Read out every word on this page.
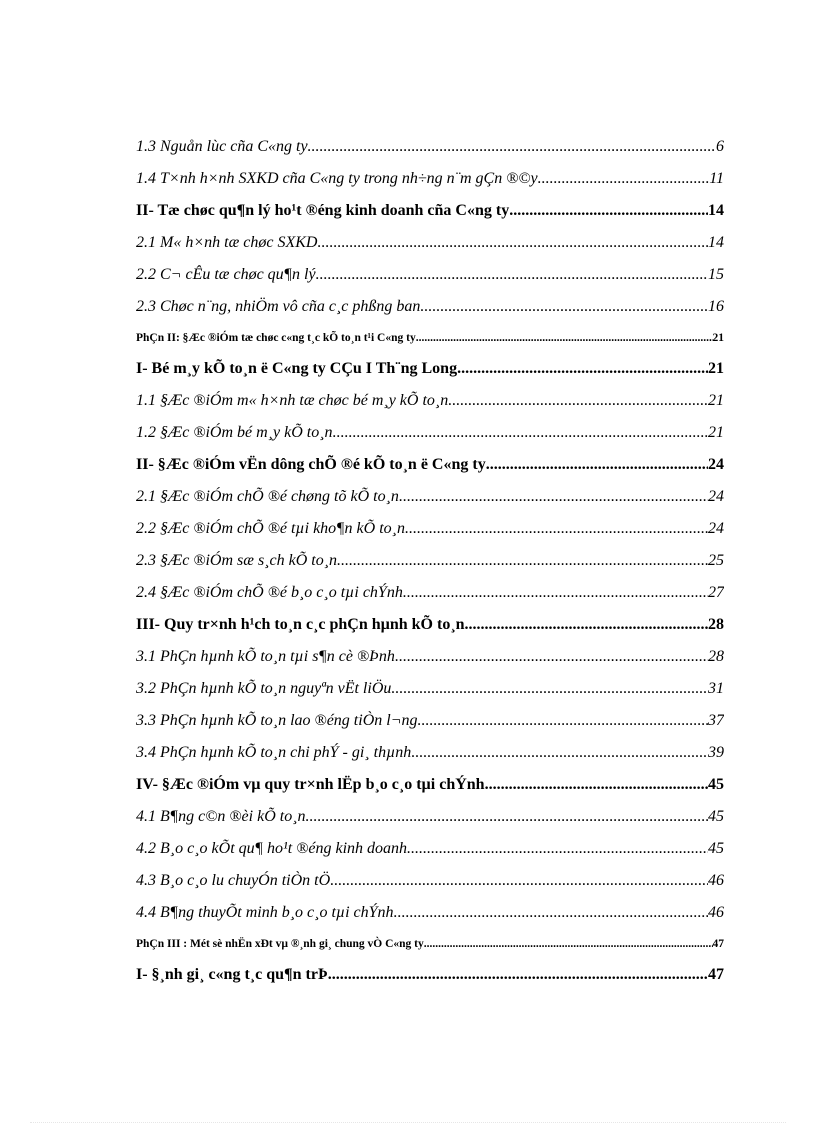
1.3 Nguån lùc cña C«ng ty .....	6
1.4 T×nh h×nh SXKD cña C«ng ty trong nh÷ng n¨m gÇn ®©y .....	11
II- Tæ chøc qu¶n lý ho¹t ®éng kinh doanh cña C«ng ty .....	14
2.1 M« h×nh tæ chøc SXKD .....	14
2.2 C¬ cÊu tæ chøc qu¶n lý .....	15
2.3 Chøc n¨ng, nhiÖm vô cña c¸c phßng ban .....	16
PhÇn II: §Æc ®iÓm tæ chøc c«ng t¸c kÕ to¸n t¹i C«ng ty .....	21
I- Bé m¸y kÕ to¸n ë C«ng ty CÇu I Th¨ng Long .....	21
1.1 §Æc ®iÓm m« h×nh tæ chøc bé m¸y kÕ to¸n .....	21
1.2 §Æc ®iÓm bé m¸y kÕ to¸n .....	21
II- §Æc ®iÓm vËn dông chÕ ®é kÕ to¸n ë C«ng ty .....	24
2.1 §Æc ®iÓm chÕ ®é chøng tõ kÕ to¸n .....	24
2.2 §Æc ®iÓm chÕ ®é tµi kho¶n kÕ to¸n .....	24
2.3 §Æc ®iÓm sæ s¸ch kÕ to¸n .....	25
2.4 §Æc ®iÓm chÕ ®é b¸o c¸o tµi chÝnh .....	27
III- Quy tr×nh h¹ch to¸n c¸c phÇn hµnh kÕ to¸n .....	28
3.1 PhÇn hµnh kÕ to¸n tµi s¶n cè ®Þnh .....	28
3.2 PhÇn hµnh kÕ to¸n nguyªn vËt liÖu .....	31
3.3 PhÇn hµnh kÕ to¸n lao ®éng tiÒn l¬ng .....	37
3.4 PhÇn hµnh kÕ to¸n chi phÝ - gi¸ thµnh .....	39
IV- §Æc ®iÓm vµ quy tr×nh lËp b¸o c¸o tµi chÝnh .....	45
4.1 B¶ng c©n ®èi kÕ to¸n .....	45
4.2 B¸o c¸o kÕt qu¶ ho¹t ®éng kinh doanh .....	45
4.3 B¸o c¸o lu chuyÓn tiÒn tÖ .....	46
4.4 B¶ng thuyÕt minh b¸o c¸o tµi chÝnh .....	46
PhÇn III : Mét sè nhËn xÐt vµ ®¸nh gi¸ chung vÒ C«ng ty .....	47
I- §¸nh gi¸ c«ng t¸c qu¶n trÞ .....	47
